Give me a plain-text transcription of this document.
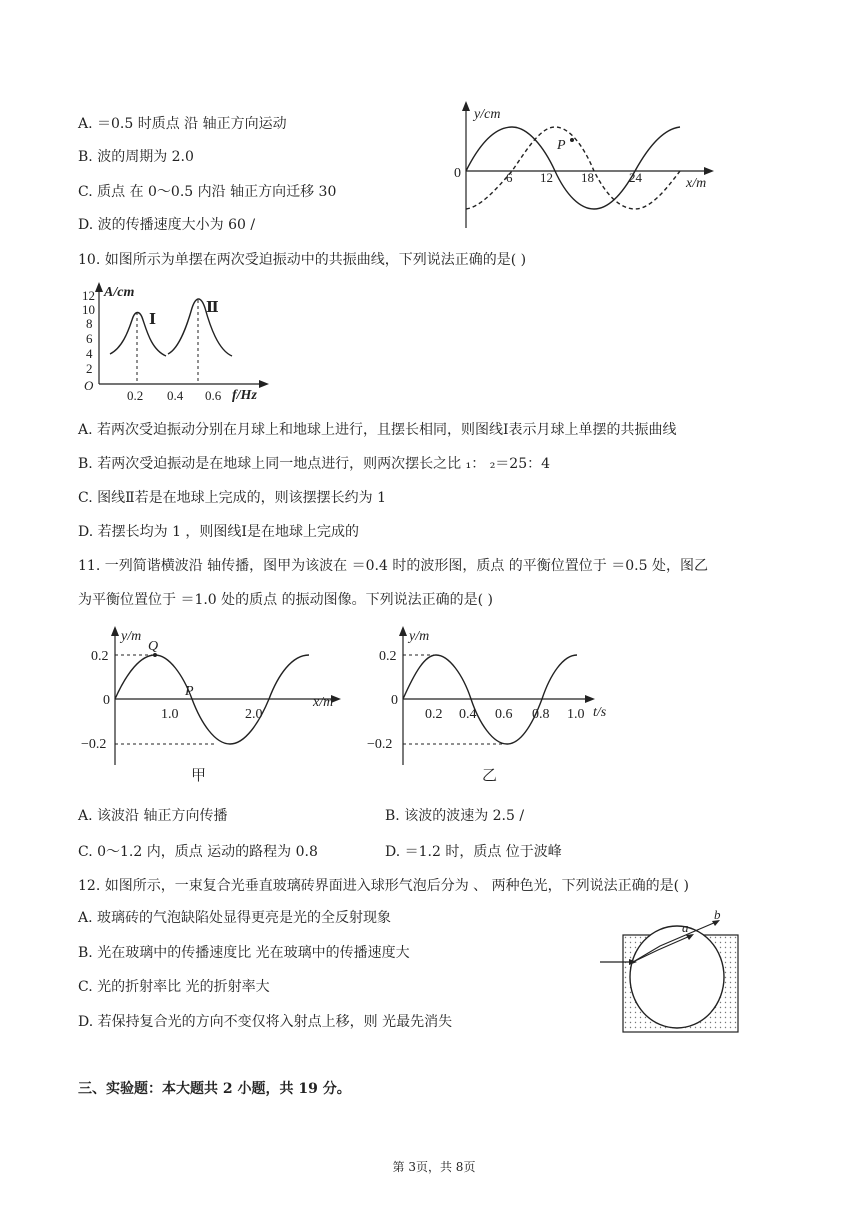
A. ＝0.5 时质点 沿 轴正方向运动
B. 波的周期为 2.0
C. 质点 在 0～0.5 内沿 轴正方向迁移 30
D. 波的传播速度大小为 60 /
y/cm
x/m
0	6 12 18	24
P
10. 如图所示为单摆在两次受迫振动中的共振曲线，下列说法正确的是( )
A/cm
f/Hz
O
12
10
8
6
4
2
0.2 0.4 0.6
Ⅰ
Ⅱ
A. 若两次受迫振动分别在月球上和地球上进行，且摆长相同，则图线Ⅰ表示月球上单摆的共振曲线
B. 若两次受迫振动是在地球上同一地点进行，则两次摆长之比 ₁： ₂＝25：4
C. 图线Ⅱ若是在地球上完成的，则该摆摆长约为 1
D. 若摆长均为 1 ，则图线Ⅰ是在地球上完成的
11. 一列简谐横波沿 轴传播，图甲为该波在 ＝0.4 时的波形图，质点 的平衡位置位于 ＝0.5 处，图乙
为平衡位置位于 ＝1.0 处的质点 的振动图像。下列说法正确的是( )
y/m
x/m
0
0.2
−0.2
1.0	2.0
Q
P
甲
y/m
t/s
0
0.2
−0.2
0.2 0.4 0.6 0.8 1.0
乙
A. 该波沿 轴正方向传播	B. 该波的波速为 2.5 /
C. 0～1.2 内，质点 运动的路程为 0.8	D. ＝1.2 时，质点 位于波峰
12. 如图所示，一束复合光垂直玻璃砖界面进入球形气泡后分为 、 两种色光，下列说法正确的是( )
A. 玻璃砖的气泡缺陷处显得更亮是光的全反射现象
B. 光在玻璃中的传播速度比 光在玻璃中的传播速度大
C. 光的折射率比 光的折射率大
D. 若保持复合光的方向不变仅将入射点上移，则 光最先消失
a
b
三、实验题：本大题共 2 小题，共 19 分。
第 3页，共 8页
